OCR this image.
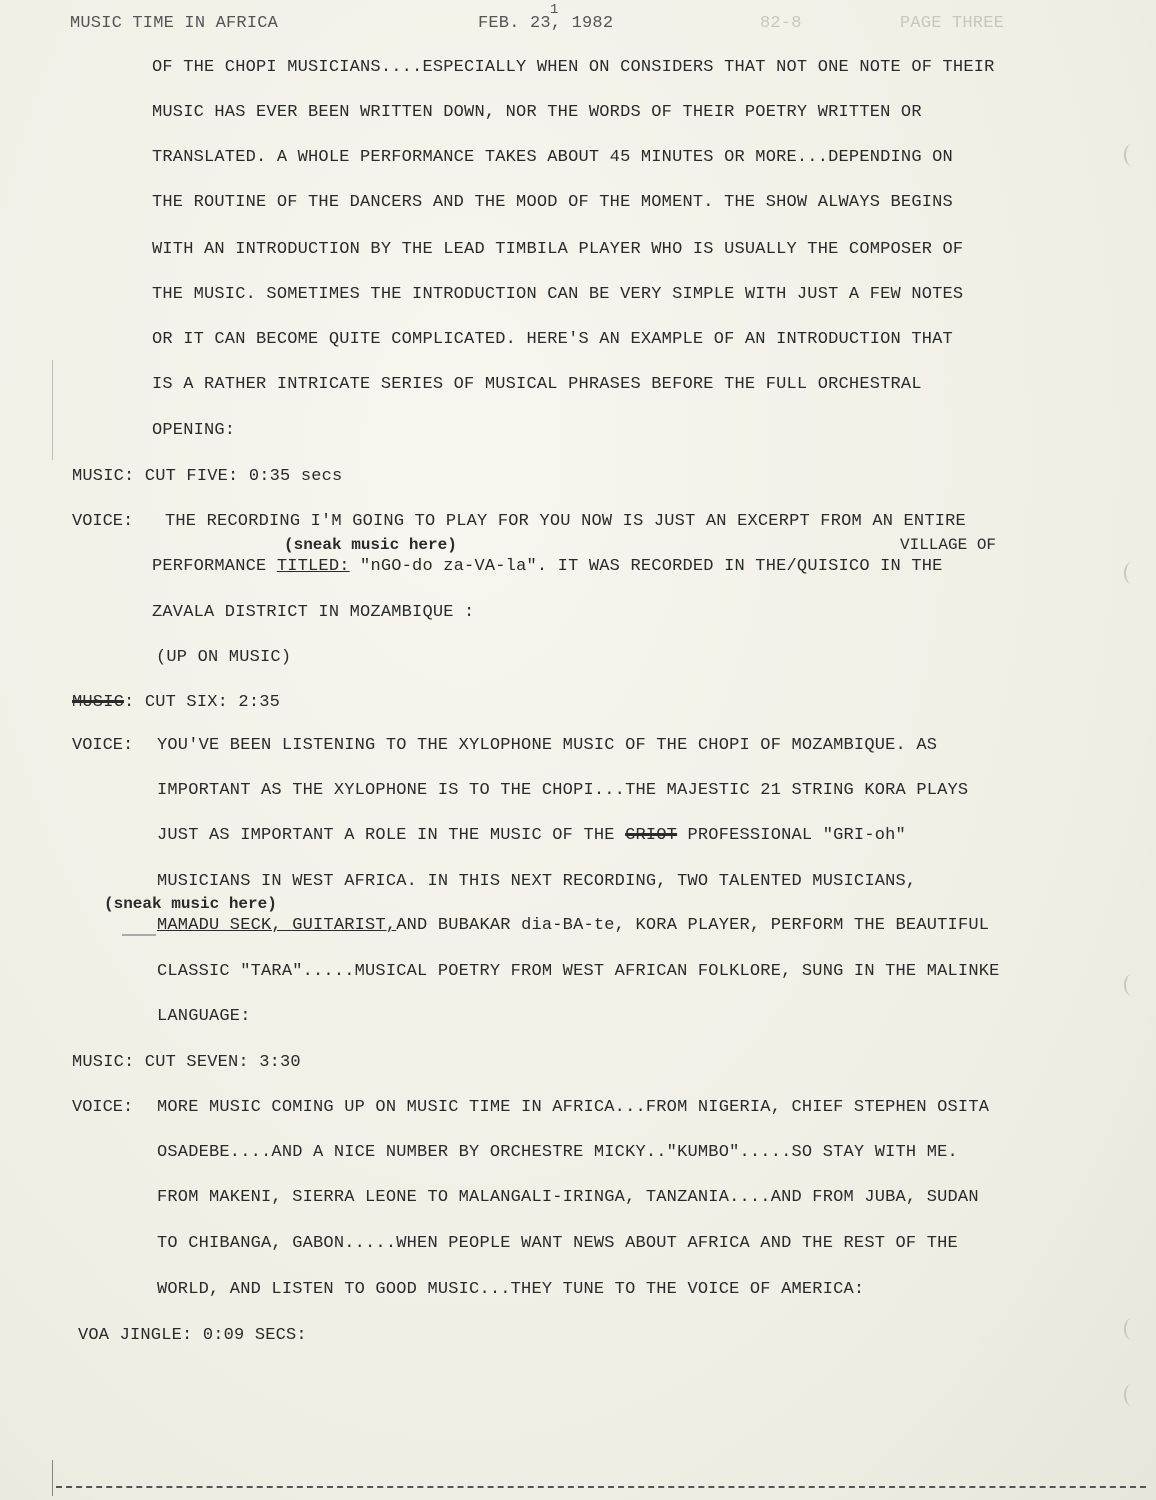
MUSIC TIME IN AFRICA	FEB. 23, 1982
1
82-8	PAGE THREE
OF THE CHOPI MUSICIANS....ESPECIALLY WHEN ON CONSIDERS THAT NOT ONE NOTE OF THEIR
MUSIC HAS EVER BEEN WRITTEN DOWN, NOR THE WORDS OF THEIR POETRY WRITTEN OR
TRANSLATED. A WHOLE PERFORMANCE TAKES ABOUT 45 MINUTES OR MORE...DEPENDING ON
THE ROUTINE OF THE DANCERS AND THE MOOD OF THE MOMENT. THE SHOW ALWAYS BEGINS
WITH AN INTRODUCTION BY THE LEAD TIMBILA PLAYER WHO IS USUALLY THE COMPOSER OF
THE MUSIC. SOMETIMES THE INTRODUCTION CAN BE VERY SIMPLE WITH JUST A FEW NOTES
OR IT CAN BECOME QUITE COMPLICATED. HERE'S AN EXAMPLE OF AN INTRODUCTION THAT
IS A RATHER INTRICATE SERIES OF MUSICAL PHRASES BEFORE THE FULL ORCHESTRAL
OPENING:
MUSIC: CUT FIVE: 0:35 secs
VOICE: THE RECORDING I'M GOING TO PLAY FOR YOU NOW IS JUST AN EXCERPT FROM AN ENTIRE
(sneak music here)	VILLAGE OF
PERFORMANCE TITLED: "nGO-do za-VA-la". IT WAS RECORDED IN THE/QUISICO IN THE
ZAVALA DISTRICT IN MOZAMBIQUE :
(UP ON MUSIC)
MUSIC: CUT SIX: 2:35
VOICE: YOU'VE BEEN LISTENING TO THE XYLOPHONE MUSIC OF THE CHOPI OF MOZAMBIQUE. AS
IMPORTANT AS THE XYLOPHONE IS TO THE CHOPI...THE MAJESTIC 21 STRING KORA PLAYS
JUST AS IMPORTANT A ROLE IN THE MUSIC OF THE GRIOT PROFESSIONAL "GRI-oh"
MUSICIANS IN WEST AFRICA. IN THIS NEXT RECORDING, TWO TALENTED MUSICIANS,
(sneak music here)
MAMADU SECK, GUITARIST,AND BUBAKAR dia-BA-te, KORA PLAYER, PERFORM THE BEAUTIFUL
CLASSIC "TARA".....MUSICAL POETRY FROM WEST AFRICAN FOLKLORE, SUNG IN THE MALINKE
LANGUAGE:
MUSIC: CUT SEVEN: 3:30
VOICE: MORE MUSIC COMING UP ON MUSIC TIME IN AFRICA...FROM NIGERIA, CHIEF STEPHEN OSITA
OSADEBE....AND A NICE NUMBER BY ORCHESTRE MICKY.."KUMBO".....SO STAY WITH ME.
FROM MAKENI, SIERRA LEONE TO MALANGALI-IRINGA, TANZANIA....AND FROM JUBA, SUDAN
TO CHIBANGA, GABON.....WHEN PEOPLE WANT NEWS ABOUT AFRICA AND THE REST OF THE
WORLD, AND LISTEN TO GOOD MUSIC...THEY TUNE TO THE VOICE OF AMERICA:
VOA JINGLE: 0:09 SECS:
